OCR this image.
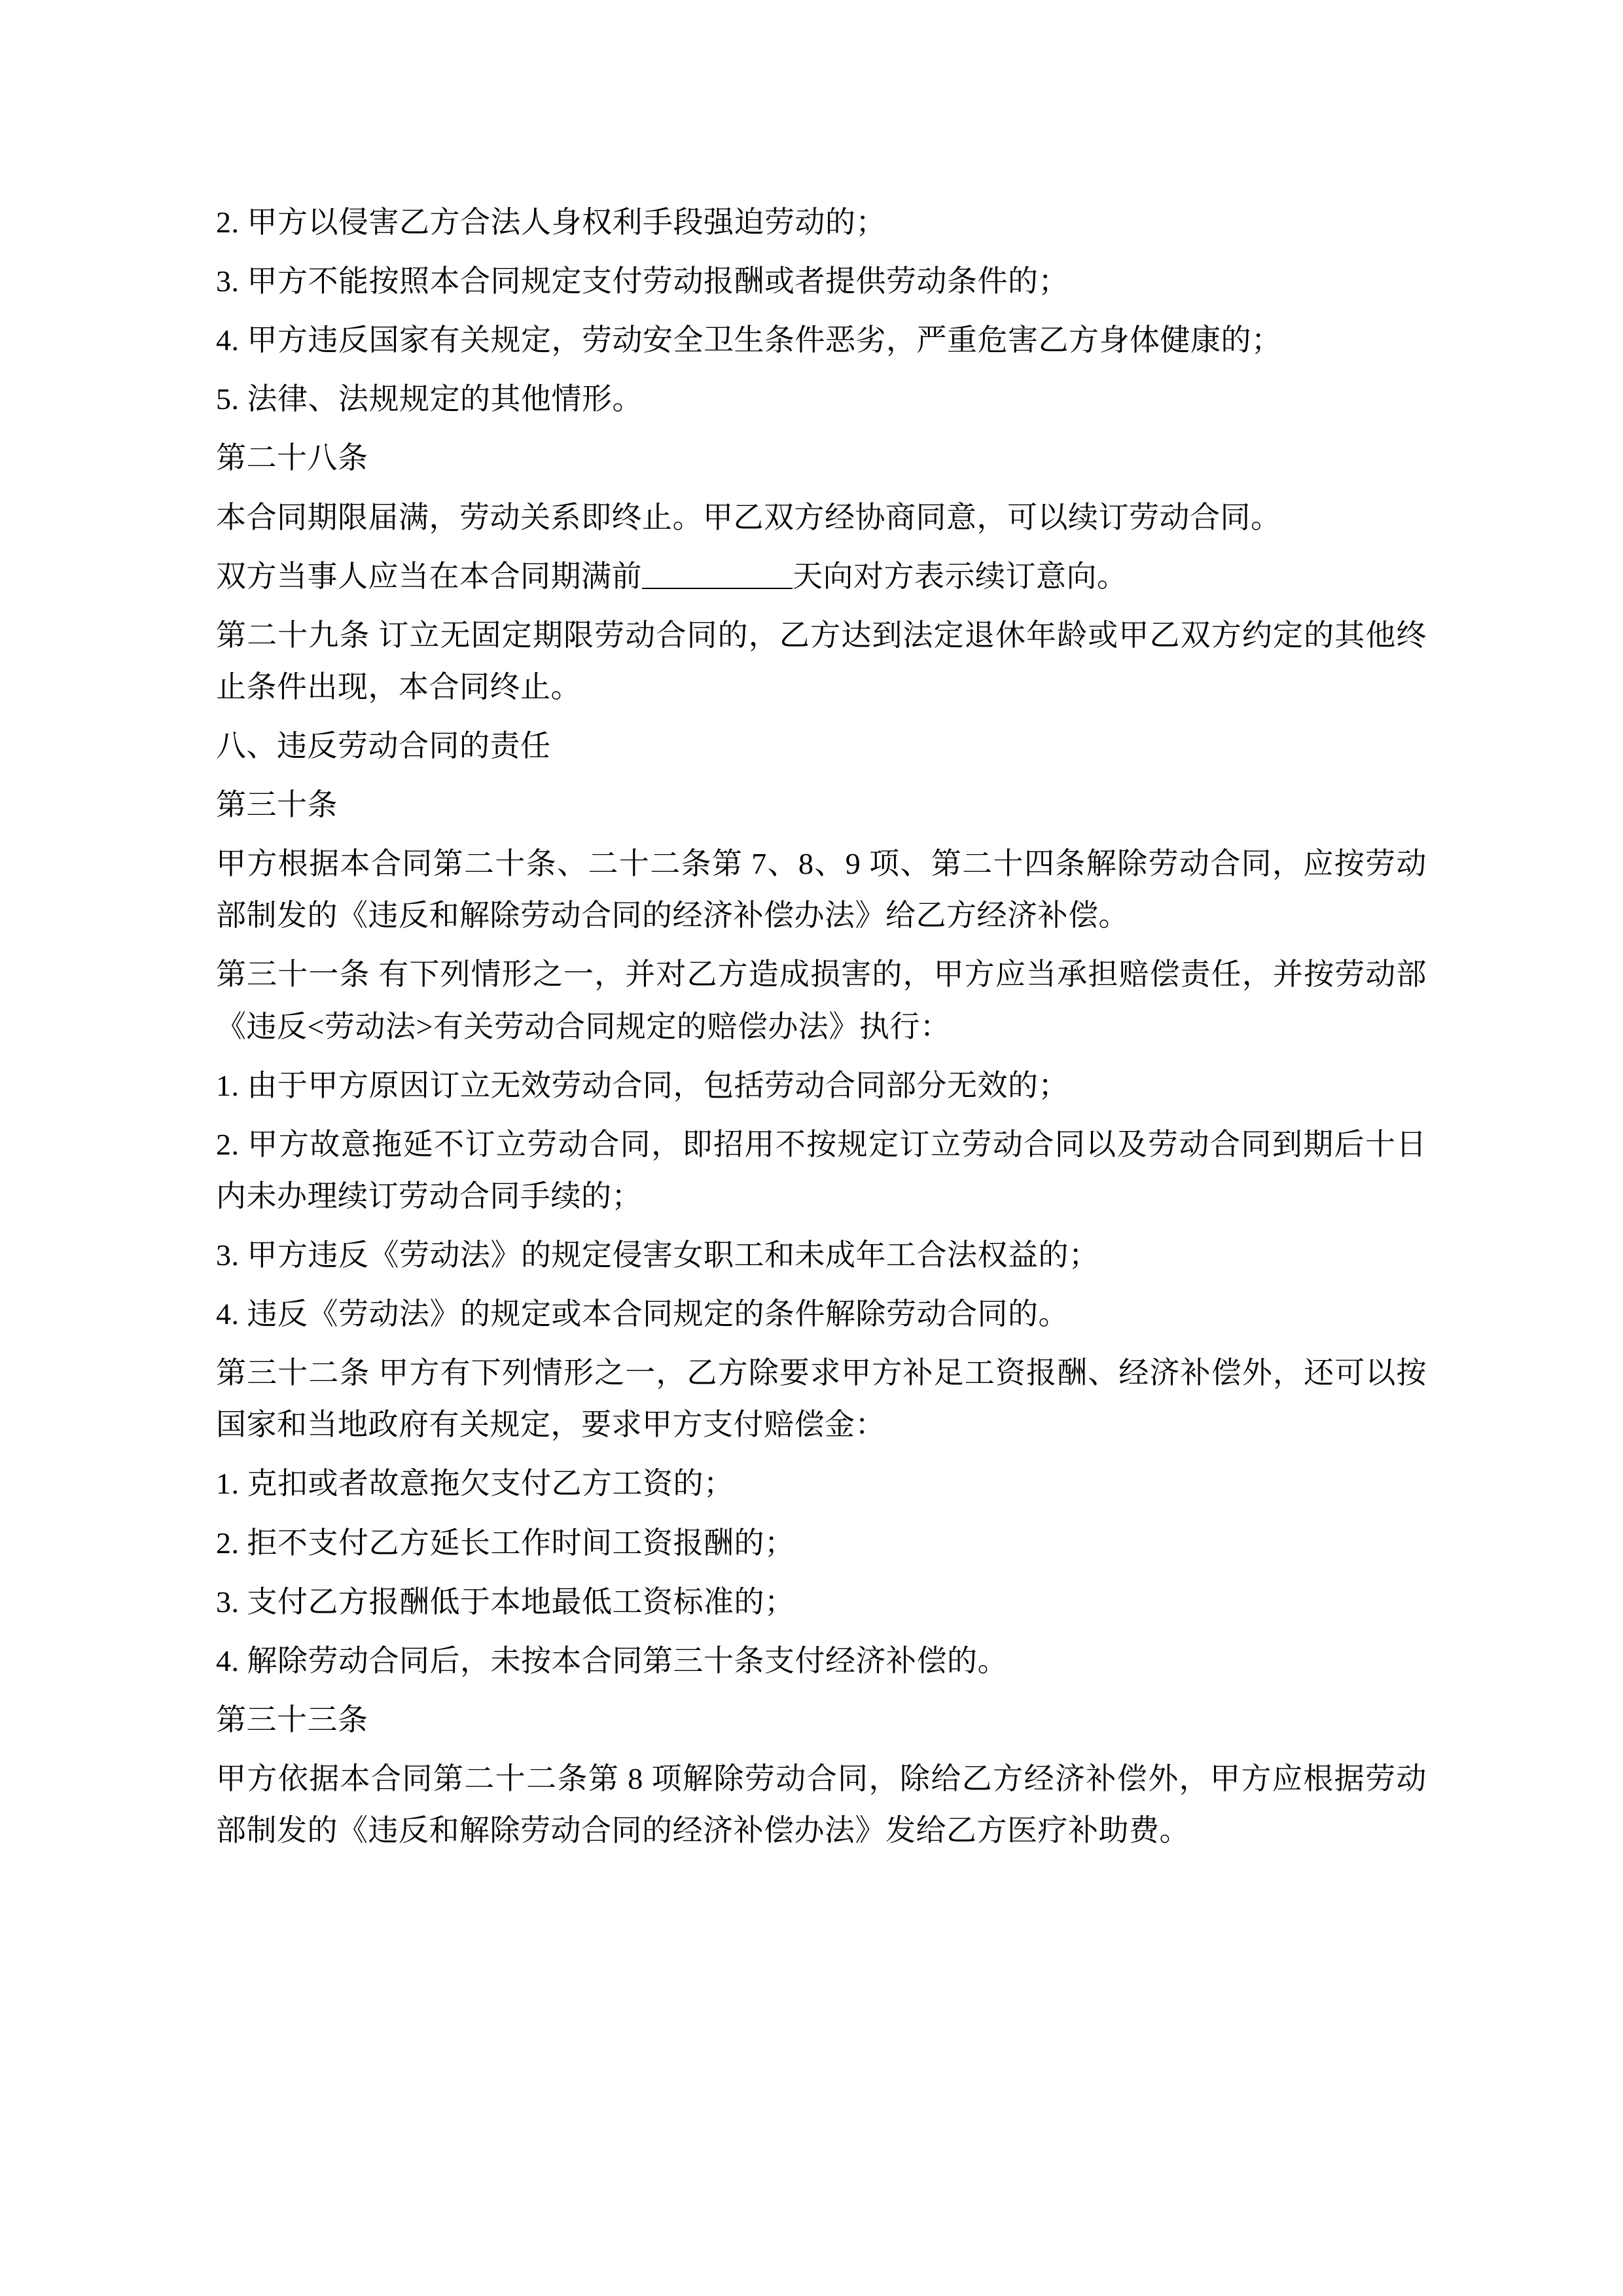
2. 甲方以侵害乙方合法人身权利手段强迫劳动的；

3. 甲方不能按照本合同规定支付劳动报酬或者提供劳动条件的；

4. 甲方违反国家有关规定，劳动安全卫生条件恶劣，严重危害乙方身体健康的；

5. 法律、法规规定的其他情形。

第二十八条

本合同期限届满，劳动关系即终止。甲乙双方经协商同意，可以续订劳动合同。

双方当事人应当在本合同期满前	天向对方表示续订意向。

第二十九条 订立无固定期限劳动合同的，乙方达到法定退休年龄或甲乙双方约定的其他终止条件出现，本合同终止。

八、违反劳动合同的责任

第三十条

甲方根据本合同第二十条、二十二条第 7、8、9 项、第二十四条解除劳动合同，应按劳动部制发的《违反和解除劳动合同的经济补偿办法》给乙方经济补偿。

第三十一条 有下列情形之一，并对乙方造成损害的，甲方应当承担赔偿责任，并按劳动部《违反<劳动法>有关劳动合同规定的赔偿办法》执行：

1. 由于甲方原因订立无效劳动合同，包括劳动合同部分无效的；

2. 甲方故意拖延不订立劳动合同，即招用不按规定订立劳动合同以及劳动合同到期后十日内未办理续订劳动合同手续的；

3. 甲方违反《劳动法》的规定侵害女职工和未成年工合法权益的；

4. 违反《劳动法》的规定或本合同规定的条件解除劳动合同的。

第三十二条 甲方有下列情形之一，乙方除要求甲方补足工资报酬、经济补偿外，还可以按国家和当地政府有关规定，要求甲方支付赔偿金：

1. 克扣或者故意拖欠支付乙方工资的；

2. 拒不支付乙方延长工作时间工资报酬的；

3. 支付乙方报酬低于本地最低工资标准的；

4. 解除劳动合同后，未按本合同第三十条支付经济补偿的。

第三十三条

甲方依据本合同第二十二条第 8 项解除劳动合同，除给乙方经济补偿外，甲方应根据劳动部制发的《违反和解除劳动合同的经济补偿办法》发给乙方医疗补助费。
